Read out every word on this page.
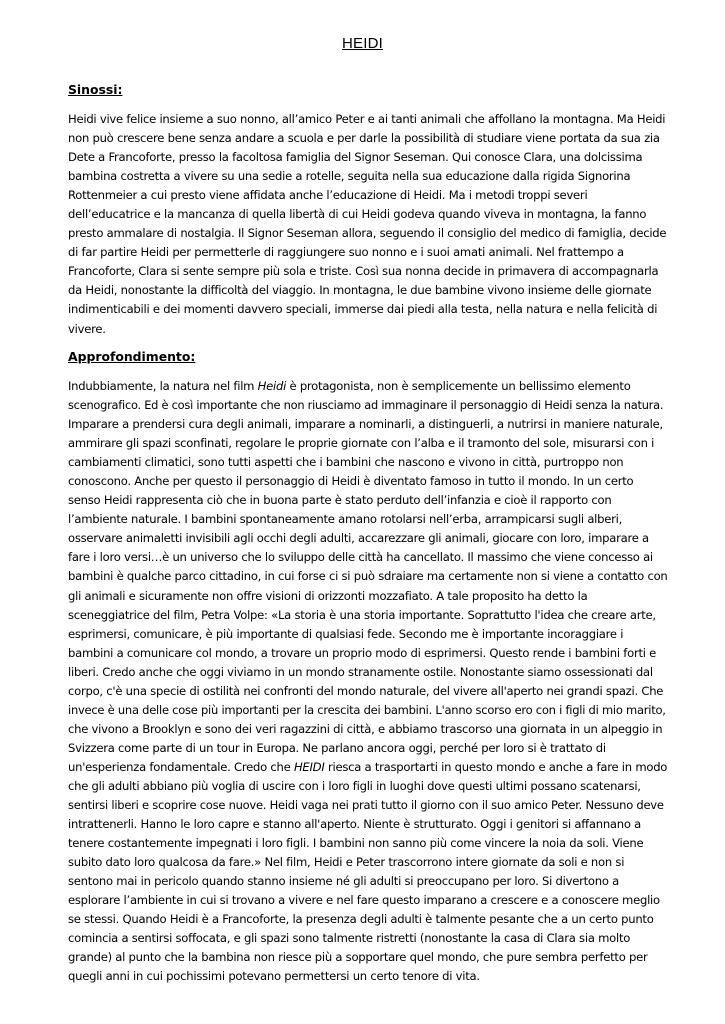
HEIDI
Sinossi:
Heidi vive felice insieme a suo nonno, all’amico Peter e ai tanti animali che affollano la montagna. Ma Heidi
non può crescere bene senza andare a scuola e per darle la possibilità di studiare viene portata da sua zia
Dete a Francoforte, presso la facoltosa famiglia del Signor Seseman. Qui conosce Clara, una dolcissima
bambina costretta a vivere su una sedie a rotelle, seguita nella sua educazione dalla rigida Signorina
Rottenmeier a cui presto viene affidata anche l’educazione di Heidi. Ma i metodi troppi severi
dell’educatrice e la mancanza di quella libertà di cui Heidi godeva quando viveva in montagna, la fanno
presto ammalare di nostalgia. Il Signor Seseman allora, seguendo il consiglio del medico di famiglia, decide
di far partire Heidi per permetterle di raggiungere suo nonno e i suoi amati animali. Nel frattempo a
Francoforte, Clara si sente sempre più sola e triste. Così sua nonna decide in primavera di accompagnarla
da Heidi, nonostante la difficoltà del viaggio. In montagna, le due bambine vivono insieme delle giornate
indimenticabili e dei momenti davvero speciali, immerse dai piedi alla testa, nella natura e nella felicità di
vivere.
Approfondimento:
Indubbiamente, la natura nel film Heidi è protagonista, non è semplicemente un bellissimo elemento
scenografico. Ed è così importante che non riusciamo ad immaginare il personaggio di Heidi senza la natura.
Imparare a prendersi cura degli animali, imparare a nominarli, a distinguerli, a nutrirsi in maniere naturale,
ammirare gli spazi sconfinati, regolare le proprie giornate con l’alba e il tramonto del sole, misurarsi con i
cambiamenti climatici, sono tutti aspetti che i bambini che nascono e vivono in città, purtroppo non
conoscono. Anche per questo il personaggio di Heidi è diventato famoso in tutto il mondo. In un certo
senso Heidi rappresenta ciò che in buona parte è stato perduto dell’infanzia e cioè il rapporto con
l’ambiente naturale. I bambini spontaneamente amano rotolarsi nell’erba, arrampicarsi sugli alberi,
osservare animaletti invisibili agli occhi degli adulti, accarezzare gli animali, giocare con loro, imparare a
fare i loro versi…è un universo che lo sviluppo delle città ha cancellato. Il massimo che viene concesso ai
bambini è qualche parco cittadino, in cui forse ci si può sdraiare ma certamente non si viene a contatto con
gli animali e sicuramente non offre visioni di orizzonti mozzafiato. A tale proposito ha detto la
sceneggiatrice del film, Petra Volpe: «La storia è una storia importante. Soprattutto l'idea che creare arte,
esprimersi, comunicare, è più importante di qualsiasi fede. Secondo me è importante incoraggiare i
bambini a comunicare col mondo, a trovare un proprio modo di esprimersi. Questo rende i bambini forti e
liberi. Credo anche che oggi viviamo in un mondo stranamente ostile. Nonostante siamo ossessionati dal
corpo, c'è una specie di ostilità nei confronti del mondo naturale, del vivere all'aperto nei grandi spazi. Che
invece è una delle cose più importanti per la crescita dei bambini. L'anno scorso ero con i figli di mio marito,
che vivono a Brooklyn e sono dei veri ragazzini di città, e abbiamo trascorso una giornata in un alpeggio in
Svizzera come parte di un tour in Europa. Ne parlano ancora oggi, perché per loro si è trattato di
un'esperienza fondamentale. Credo che HEIDI riesca a trasportarti in questo mondo e anche a fare in modo
che gli adulti abbiano più voglia di uscire con i loro figli in luoghi dove questi ultimi possano scatenarsi,
sentirsi liberi e scoprire cose nuove. Heidi vaga nei prati tutto il giorno con il suo amico Peter. Nessuno deve
intrattenerli. Hanno le loro capre e stanno all'aperto. Niente è strutturato. Oggi i genitori si affannano a
tenere costantemente impegnati i loro figli. I bambini non sanno più come vincere la noia da soli. Viene
subito dato loro qualcosa da fare.» Nel film, Heidi e Peter trascorrono intere giornate da soli e non si
sentono mai in pericolo quando stanno insieme né gli adulti si preoccupano per loro. Si divertono a
esplorare l’ambiente in cui si trovano a vivere e nel fare questo imparano a crescere e a conoscere meglio
se stessi. Quando Heidi è a Francoforte, la presenza degli adulti è talmente pesante che a un certo punto
comincia a sentirsi soffocata, e gli spazi sono talmente ristretti (nonostante la casa di Clara sia molto
grande) al punto che la bambina non riesce più a sopportare quel mondo, che pure sembra perfetto per
quegli anni in cui pochissimi potevano permettersi un certo tenore di vita.
